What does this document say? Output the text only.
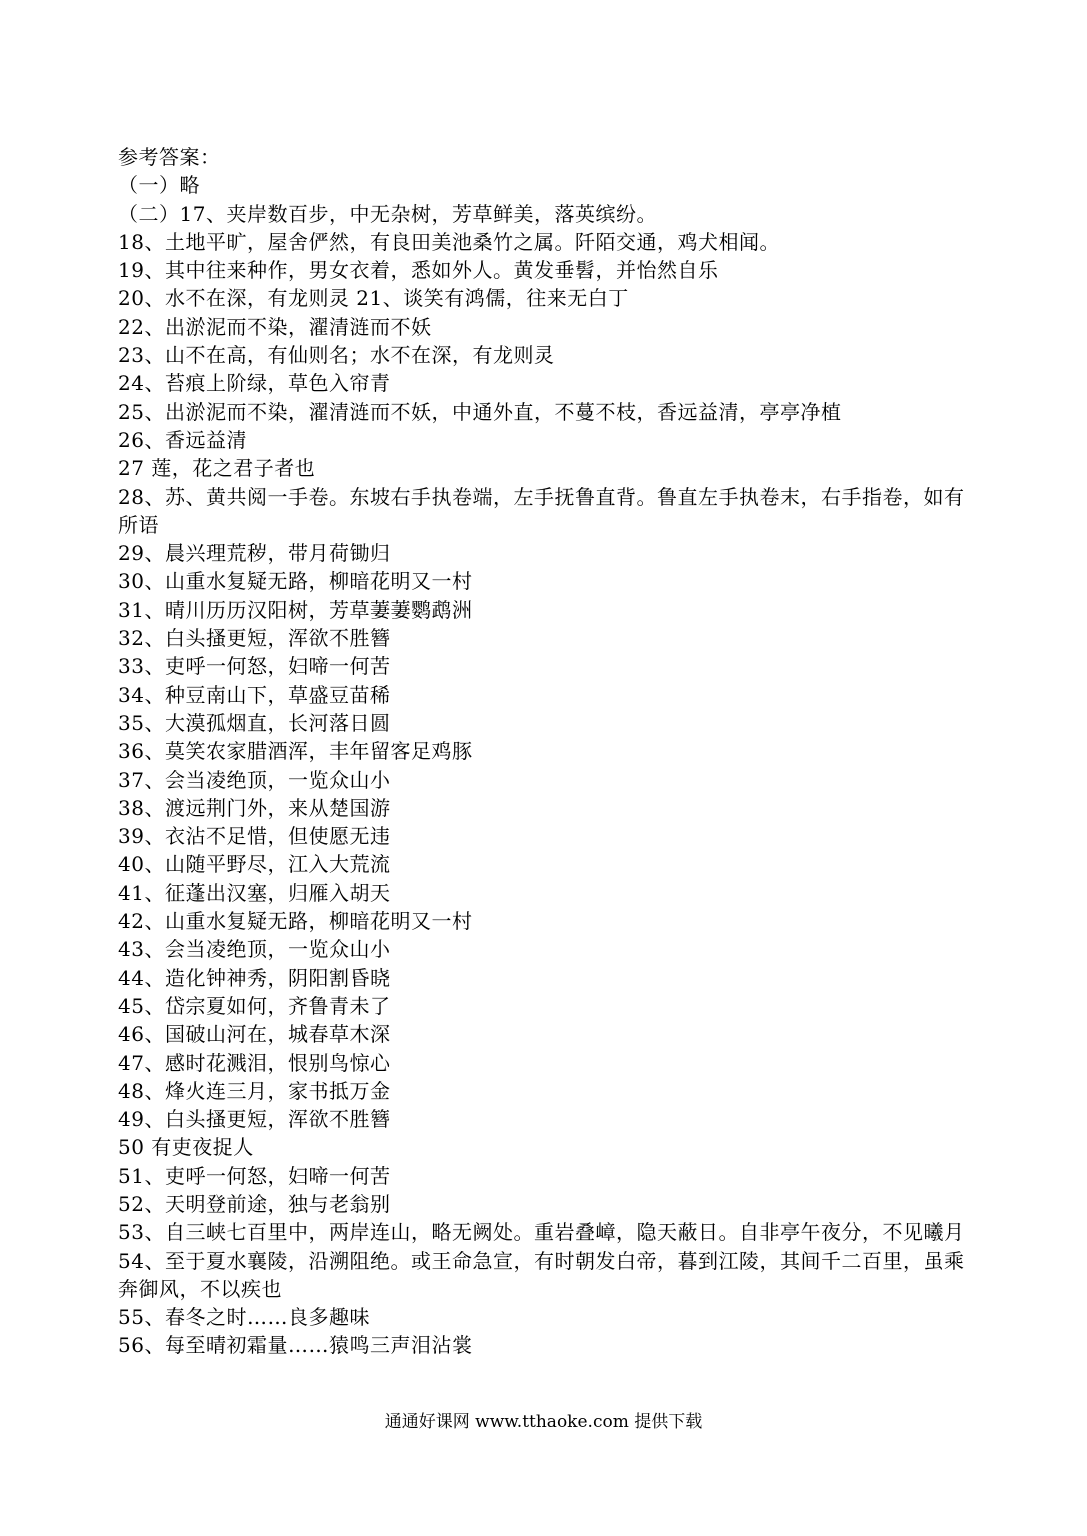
参考答案：
（一）略
（二）17、夹岸数百步，中无杂树，芳草鲜美，落英缤纷。
18、土地平旷，屋舍俨然，有良田美池桑竹之属。阡陌交通，鸡犬相闻。
19、其中往来种作，男女衣着，悉如外人。黄发垂髫，并怡然自乐
20、水不在深，有龙则灵 21、谈笑有鸿儒，往来无白丁
22、出淤泥而不染，濯清涟而不妖
23、山不在高，有仙则名；水不在深，有龙则灵
24、苔痕上阶绿，草色入帘青
25、出淤泥而不染，濯清涟而不妖，中通外直，不蔓不枝，香远益清，亭亭净植
26、香远益清
27 莲，花之君子者也
28、苏、黄共阅一手卷。东坡右手执卷端，左手抚鲁直背。鲁直左手执卷末，右手指卷，如有所语
29、晨兴理荒秽，带月荷锄归
30、山重水复疑无路，柳暗花明又一村
31、晴川历历汉阳树，芳草萋萋鹦鹉洲
32、白头搔更短，浑欲不胜簪
33、吏呼一何怒，妇啼一何苦
34、种豆南山下，草盛豆苗稀
35、大漠孤烟直，长河落日圆
36、莫笑农家腊酒浑，丰年留客足鸡豚
37、会当凌绝顶，一览众山小
38、渡远荆门外，来从楚国游
39、衣沾不足惜，但使愿无违
40、山随平野尽，江入大荒流
41、征蓬出汉塞，归雁入胡天
42、山重水复疑无路，柳暗花明又一村
43、会当凌绝顶，一览众山小
44、造化钟神秀，阴阳割昏晓
45、岱宗夏如何，齐鲁青未了
46、国破山河在，城春草木深
47、感时花溅泪，恨别鸟惊心
48、烽火连三月，家书抵万金
49、白头搔更短，浑欲不胜簪
50 有吏夜捉人
51、吏呼一何怒，妇啼一何苦
52、天明登前途，独与老翁别
53、自三峡七百里中，两岸连山，略无阙处。重岩叠嶂，隐天蔽日。自非亭午夜分，不见曦月
54、至于夏水襄陵，沿溯阻绝。或王命急宣，有时朝发白帝，暮到江陵，其间千二百里，虽乘奔御风，不以疾也
55、春冬之时……良多趣味
56、每至晴初霜量……猿鸣三声泪沾裳
通通好课网 www.tthaoke.com 提供下载
